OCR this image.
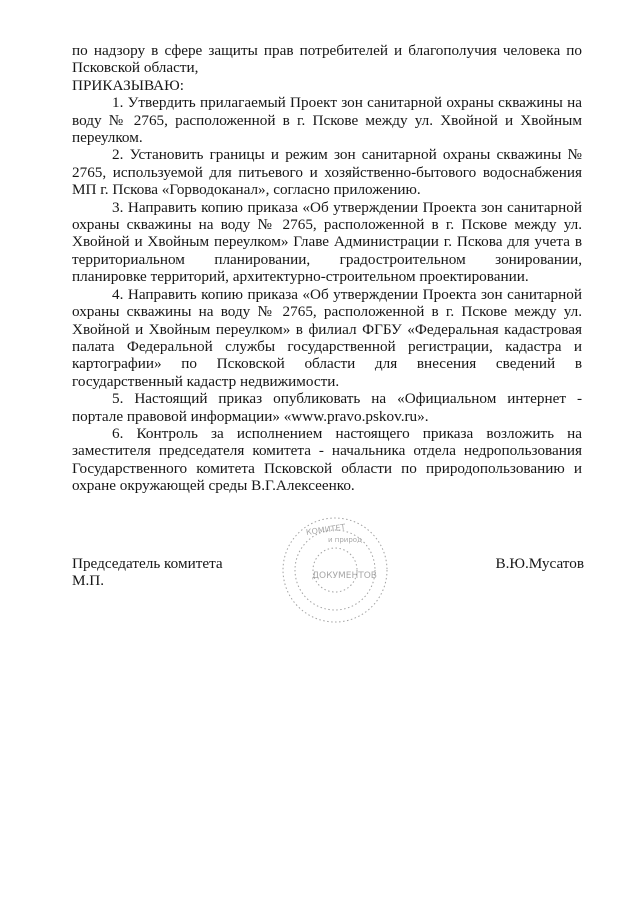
по надзору в сфере защиты прав потребителей и благополучия человека по Псковской области,

ПРИКАЗЫВАЮ:

1. Утвердить прилагаемый Проект зон санитарной охраны скважины на воду № 2765, расположенной в г. Пскове между ул. Хвойной и Хвойным переулком.

2. Установить границы и режим зон санитарной охраны скважины № 2765, используемой для питьевого и хозяйственно-бытового водоснабжения МП г. Пскова «Горводоканал», согласно приложению.

3. Направить копию приказа «Об утверждении Проекта зон санитарной охраны скважины на воду № 2765, расположенной в г. Пскове между ул. Хвойной и Хвойным переулком» Главе Администрации г. Пскова для учета в территориальном планировании, градостроительном зонировании, планировке территорий, архитектурно-строительном проектировании.

4. Направить копию приказа «Об утверждении Проекта зон санитарной охраны скважины на воду № 2765, расположенной в г. Пскове между ул. Хвойной и Хвойным переулком» в филиал ФГБУ «Федеральная кадастровая палата Федеральной службы государственной регистрации, кадастра и картографии» по Псковской области для внесения сведений в государственный кадастр недвижимости.

5. Настоящий приказ опубликовать на «Официальном интернет - портале правовой информации» «www.pravo.pskov.ru».

6. Контроль за исполнением настоящего приказа возложить на заместителя председателя комитета - начальника отдела недропользования Государственного комитета Псковской области по природопользованию и охране окружающей среды В.Г.Алексеенко.

КОМИТЕТ
и природ
ДОКУМЕНТОВ
Председатель комитета
М.П.
В.Ю.Мусатов
